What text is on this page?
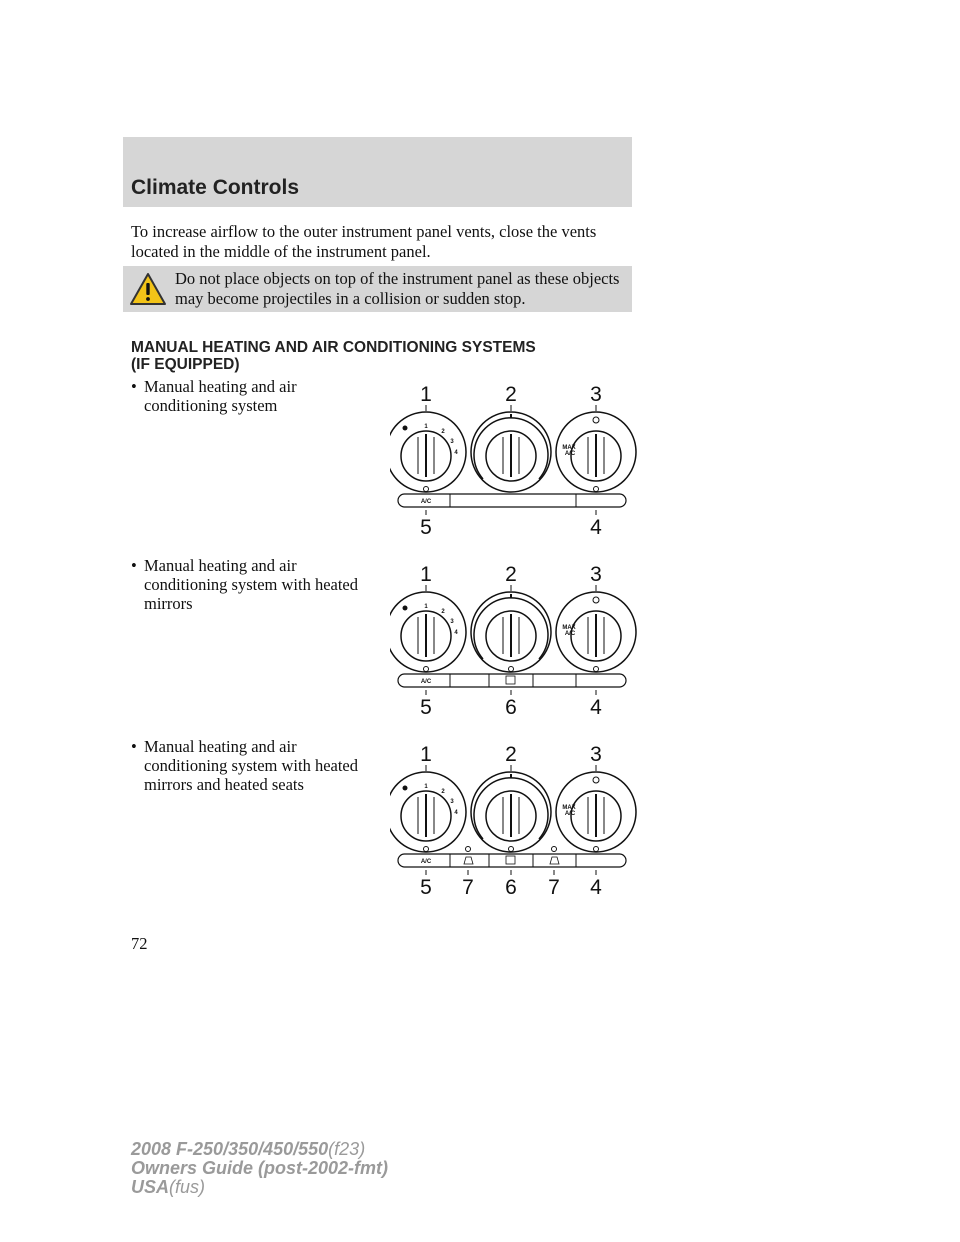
Climate Controls
To increase airflow to the outer instrument panel vents, close the vents located in the middle of the instrument panel.
Do not place objects on top of the instrument panel as these objects may become projectiles in a collision or sudden stop.
MANUAL HEATING AND AIR CONDITIONING SYSTEMS
(IF EQUIPPED)
• Manual heating and air conditioning system
• Manual heating and air conditioning system with heated mirrors
• Manual heating and air conditioning system with heated mirrors and heated seats
1	2	3
1
2
3
4
MAX
A/C
A/C
5	4
1	2	3
1
2
3
4
MAX
A/C
A/C
5	6	4
1	2	3
1
2
3
4
MAX
A/C
A/C
5 7 6 7 4
72
2008 F-250/350/450/550(f23)
Owners Guide (post-2002-fmt)
USA(fus)
